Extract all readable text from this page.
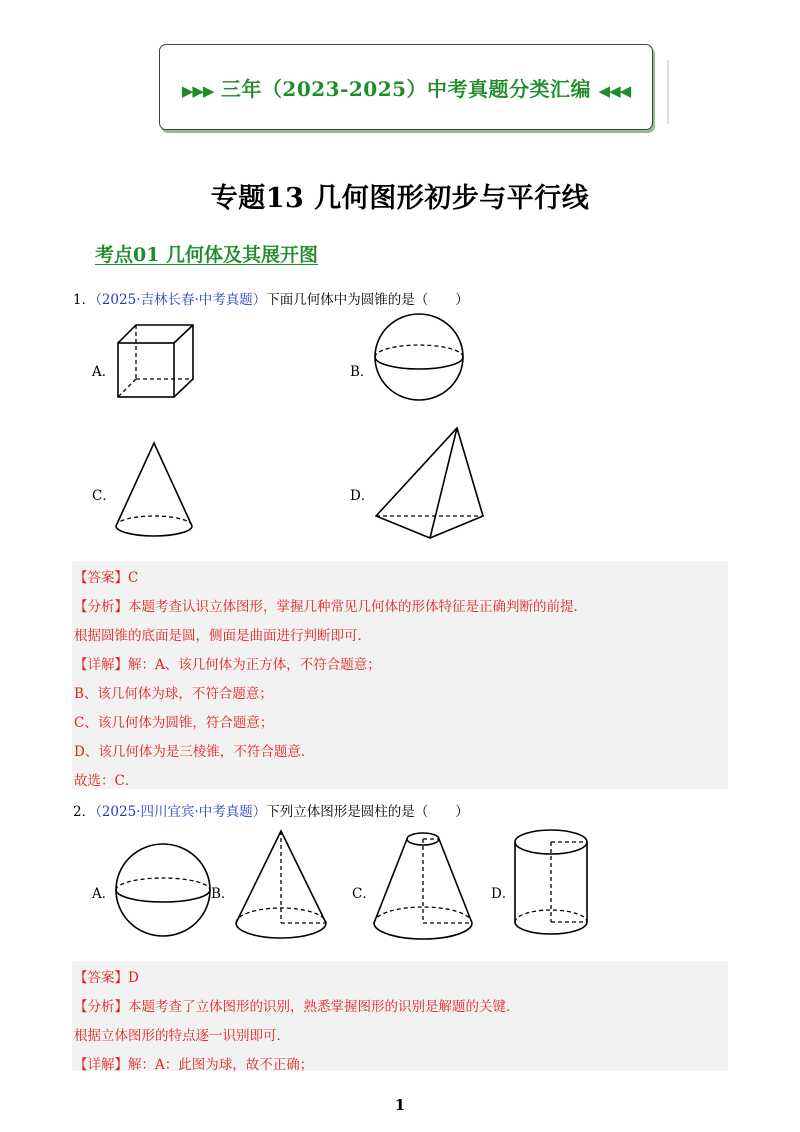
▶▶▶ 三年（2023-2025）中考真题分类汇编 ◀◀◀
专题13 几何图形初步与平行线
考点01 几何体及其展开图
1．（2025·吉林长春·中考真题）下面几何体中为圆锥的是（　　）
A．	B．
C．	D．
【答案】C
【分析】本题考查认识立体图形，掌握几种常见几何体的形体特征是正确判断的前提．
根据圆锥的底面是圆，侧面是曲面进行判断即可．
【详解】解：A、该几何体为正方体，不符合题意；
B、该几何体为球，不符合题意；
C、该几何体为圆锥，符合题意；
D、该几何体为是三棱锥，不符合题意．
故选：C．
2．（2025·四川宜宾·中考真题）下列立体图形是圆柱的是（　　）
A．	B．	C．	D．
【答案】D
【分析】本题考查了立体图形的识别，熟悉掌握图形的识别是解题的关键．
根据立体图形的特点逐一识别即可．
【详解】解：A：此图为球，故不正确；
1
